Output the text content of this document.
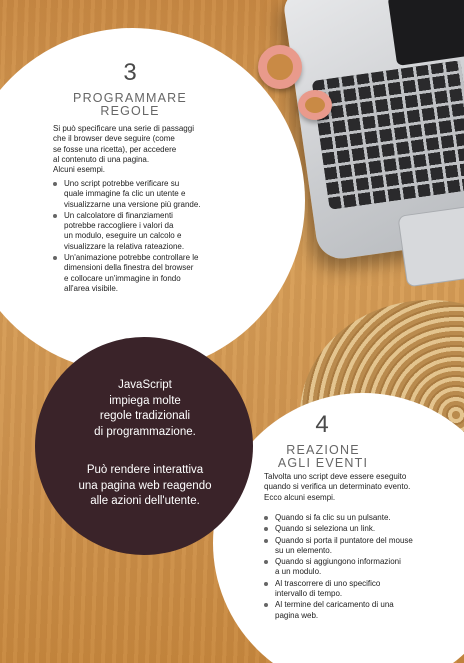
3
PROGRAMMARE
REGOLE
Si può specificare una serie di passaggi
che il browser deve seguire (come
se fosse una ricetta), per accedere
al contenuto di una pagina.
Alcuni esempi.
Uno script potrebbe verificare su
quale immagine fa clic un utente e
visualizzarne una versione più grande.
Un calcolatore di finanziamenti
potrebbe raccogliere i valori da
un modulo, eseguire un calcolo e
visualizzare la relativa rateazione.
Un'animazione potrebbe controllare le
dimensioni della finestra del browser
e collocare un'immagine in fondo
all'area visibile.
JavaScript
impiega molte
regole tradizionali
di programmazione.
Può rendere interattiva
una pagina web reagendo
alle azioni dell'utente.
4
REAZIONE
AGLI EVENTI
Talvolta uno script deve essere eseguito
quando si verifica un determinato evento.
Ecco alcuni esempi.
Quando si fa clic su un pulsante.
Quando si seleziona un link.
Quando si porta il puntatore del mouse
su un elemento.
Quando si aggiungono informazioni
a un modulo.
Al trascorrere di uno specifico
intervallo di tempo.
Al termine del caricamento di una
pagina web.
